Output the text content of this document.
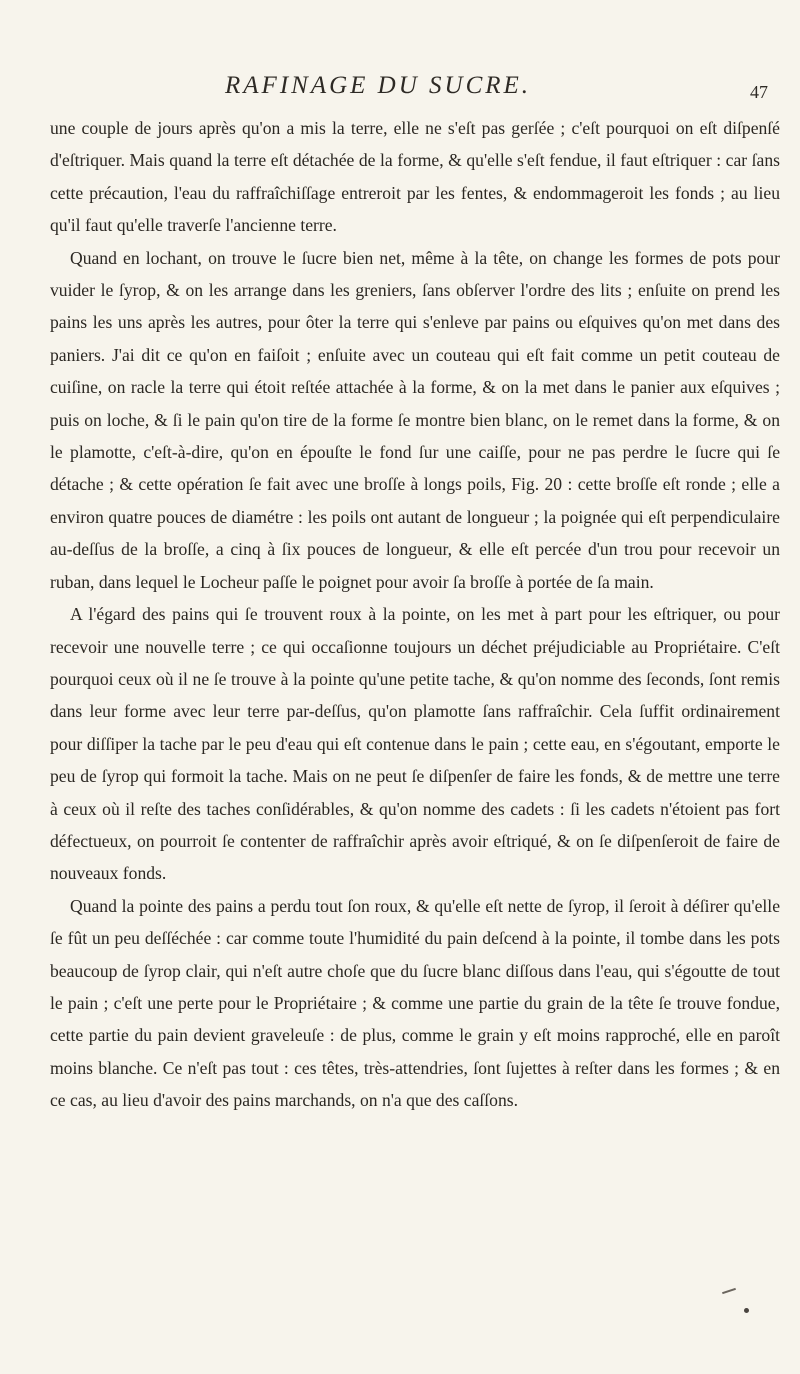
RAFINAGE DU SUCRE.	47

une couple de jours après qu'on a mis la terre, elle ne s'eſt pas gerſée ; c'eſt pourquoi on eſt diſpenſé d'eſtriquer. Mais quand la terre eſt détachée de la forme, & qu'elle s'eſt fendue, il faut eſtriquer : car ſans cette précaution, l'eau du raffraîchiſſage entreroit par les fentes, & endommageroit les fonds ; au lieu qu'il faut qu'elle traverſe l'ancienne terre.

Quand en lochant, on trouve le ſucre bien net, même à la tête, on change les formes de pots pour vuider le ſyrop, & on les arrange dans les greniers, ſans obſerver l'ordre des lits ; enſuite on prend les pains les uns après les autres, pour ôter la terre qui s'enleve par pains ou eſquives qu'on met dans des paniers. J'ai dit ce qu'on en faiſoit ; enſuite avec un couteau qui eſt fait comme un petit couteau de cuiſine, on racle la terre qui étoit reſtée attachée à la forme, & on la met dans le panier aux eſquives ; puis on loche, & ſi le pain qu'on tire de la forme ſe montre bien blanc, on le remet dans la forme, & on le plamotte, c'eſt-à-dire, qu'on en épouſte le fond ſur une caiſſe, pour ne pas perdre le ſucre qui ſe détache ; & cette opération ſe fait avec une broſſe à longs poils, Fig. 20 : cette broſſe eſt ronde ; elle a environ quatre pouces de diamétre : les poils ont autant de longueur ; la poignée qui eſt perpendiculaire au-deſſus de la broſſe, a cinq à ſix pouces de longueur, & elle eſt percée d'un trou pour recevoir un ruban, dans lequel le Locheur paſſe le poignet pour avoir ſa broſſe à portée de ſa main.

A l'égard des pains qui ſe trouvent roux à la pointe, on les met à part pour les eſtriquer, ou pour recevoir une nouvelle terre ; ce qui occaſionne toujours un déchet préjudiciable au Propriétaire. C'eſt pourquoi ceux où il ne ſe trouve à la pointe qu'une petite tache, & qu'on nomme des ſeconds, ſont remis dans leur forme avec leur terre par-deſſus, qu'on plamotte ſans raffraîchir. Cela ſuffit ordinairement pour diſſiper la tache par le peu d'eau qui eſt contenue dans le pain ; cette eau, en s'égoutant, emporte le peu de ſyrop qui formoit la tache. Mais on ne peut ſe diſpenſer de faire les fonds, & de mettre une terre à ceux où il reſte des taches conſidérables, & qu'on nomme des cadets : ſi les cadets n'étoient pas fort défectueux, on pourroit ſe contenter de raffraîchir après avoir eſtriqué, & on ſe diſpenſeroit de faire de nouveaux fonds.

Quand la pointe des pains a perdu tout ſon roux, & qu'elle eſt nette de ſyrop, il ſeroit à déſirer qu'elle ſe fût un peu deſſéchée : car comme toute l'humidité du pain deſcend à la pointe, il tombe dans les pots beaucoup de ſyrop clair, qui n'eſt autre choſe que du ſucre blanc diſſous dans l'eau, qui s'égoutte de tout le pain ; c'eſt une perte pour le Propriétaire ; & comme une partie du grain de la tête ſe trouve fondue, cette partie du pain devient graveleuſe : de plus, comme le grain y eſt moins rapproché, elle en paroît moins blanche. Ce n'eſt pas tout : ces têtes, très-attendries, ſont ſujettes à reſter dans les formes ; & en ce cas, au lieu d'avoir des pains marchands, on n'a que des caſſons.
